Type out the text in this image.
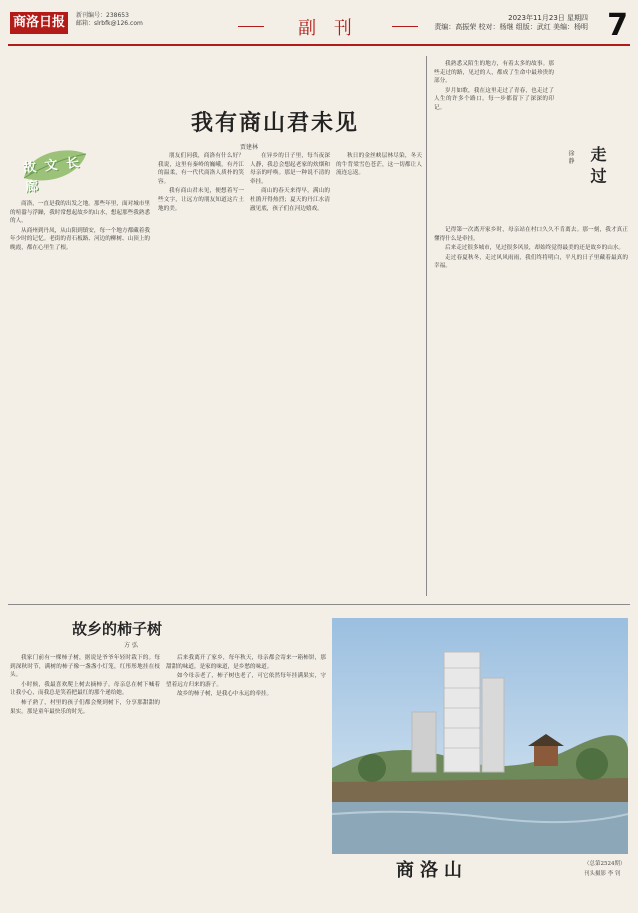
商洛日报	新刊编号：238653
邮箱：slrbfk@126.com	副 刊	2023年11月23日 星期四
责编：高振荣 校对：杨继 组版：武红 美编：杨明 7
我有商山君未见
贾建林
故 文 长 廊

商洛，一直是我的出发之地。那些年里，面对城市里的喧嚣与浮躁，我时常想起故乡的山水，想起那些我熟悉的人。

从商州到丹凤，从山阳到镇安，每一个地方都藏着我年少时的记忆。老街的青石板路、河边的柳树、山顶上的晚霞，都在心里生了根。

朋友们问我，商洛有什么好？我说，这里有秦岭的巍峨，有丹江的温柔，有一代代商洛人质朴的笑容。

我有商山君未见，便想着写一些文字，让远方的朋友知道这片土地的美。

在异乡的日子里，每当夜深人静，我总会想起老家的炊烟和母亲的呼唤。那是一种说不清的牵挂。

商山的春天来得早，满山的杜鹃开得热烈；夏天的丹江水清澈见底，孩子们在河边嬉戏。

秋日的金丝峡层林尽染，冬天的牛背梁雪色苍茫，这一切都让人流连忘返。	走 过
徐 静

我熟悉又陌生的地方，有着太多的故事。那些走过的路，见过的人，都成了生命中最珍贵的部分。

岁月如歌，我在这里走过了青春，也走过了人生的许多个路口。每一步都留下了深深的印记。

记得第一次离开家乡时，母亲站在村口久久不肯离去。那一刻，我才真正懂得什么是牵挂。

后来走过很多城市，见过很多风景，却始终觉得最美的还是故乡的山水。

走过春夏秋冬，走过风风雨雨，我们终将明白，平凡的日子里藏着最真的幸福。

故乡的柿子树
方 弘

我家门前有一棵柿子树，据说是爷爷年轻时栽下的。每到深秋时节，满树的柿子像一盏盏小灯笼，红彤彤地挂在枝头。

小时候，我最喜欢爬上树去摘柿子。母亲总在树下喊着让我小心，而我总是笑着把最红的那个递给她。

柿子熟了，村里的孩子们都会聚到树下，分享那甜甜的果实。那是童年最快乐的时光。

后来我离开了家乡，每年秋天，母亲都会寄来一箱柿饼，那甜甜的味道，是家的味道，是乡愁的味道。

如今母亲老了，柿子树也老了，可它依然每年挂满果实，守望着远方归来的游子。

故乡的柿子树，是我心中永远的牵挂。

商洛山	（总第2524期）
刊头摄影 李 钊
